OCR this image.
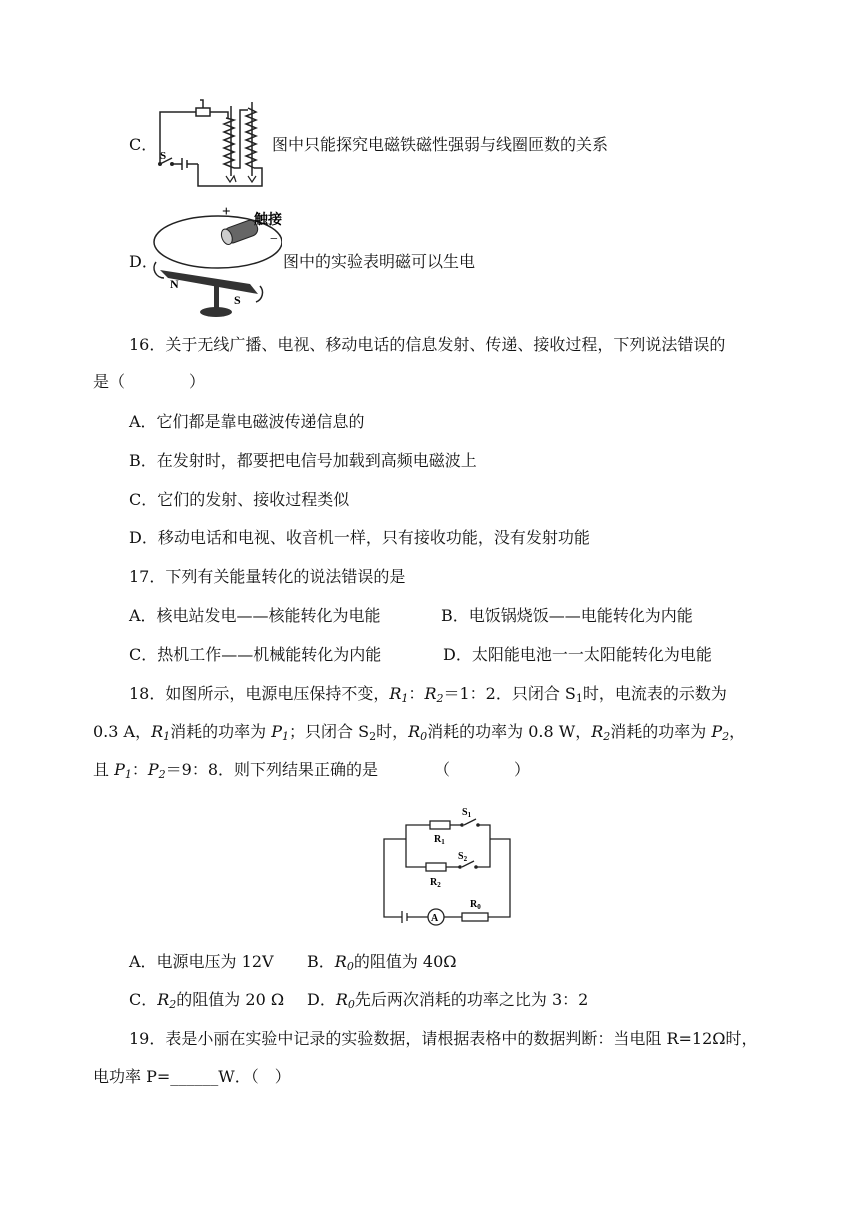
C．
S
图中只能探究电磁铁磁性强弱与线圈匝数的关系
D．
+
触接
−
N
S
图中的实验表明磁可以生电
16．关于无线广播、电视、移动电话的信息发射、传递、接收过程，下列说法错误的
是（　　　　）
A．它们都是靠电磁波传递信息的
B．在发射时，都要把电信号加载到高频电磁波上
C．它们的发射、接收过程类似
D．移动电话和电视、收音机一样，只有接收功能，没有发射功能
17．下列有关能量转化的说法错误的是
A．核电站发电——核能转化为电能	B．电饭锅烧饭——电能转化为内能
C．热机工作——机械能转化为内能	D．太阳能电池一一太阳能转化为电能
18．如图所示，电源电压保持不变，$R_1$：$R_2=1$：2．只闭合 $S_1$时，电流表的示数为
0.3 A，$R_1$消耗的功率为 $P_1$；只闭合 $S_2$时，$R_0$消耗的功率为 0.8 W，$R_2$消耗的功率为 $P_2$，
且 $P_1$：$P_2=9$：8．则下列结果正确的是　　　　（　　　　）
$S_1$
$R_1$
$S_2$
$R_2$
$R_0$
A
A．电源电压为 12V B．$R_0$的阻值为 40Ω
C．$R_2$的阻值为 20 Ω D．$R_0$先后两次消耗的功率之比为 3：2
19．表是小丽在实验中记录的实验数据，请根据表格中的数据判断：当电阻 R=12Ω时，
电功率 P=______W．（　）
